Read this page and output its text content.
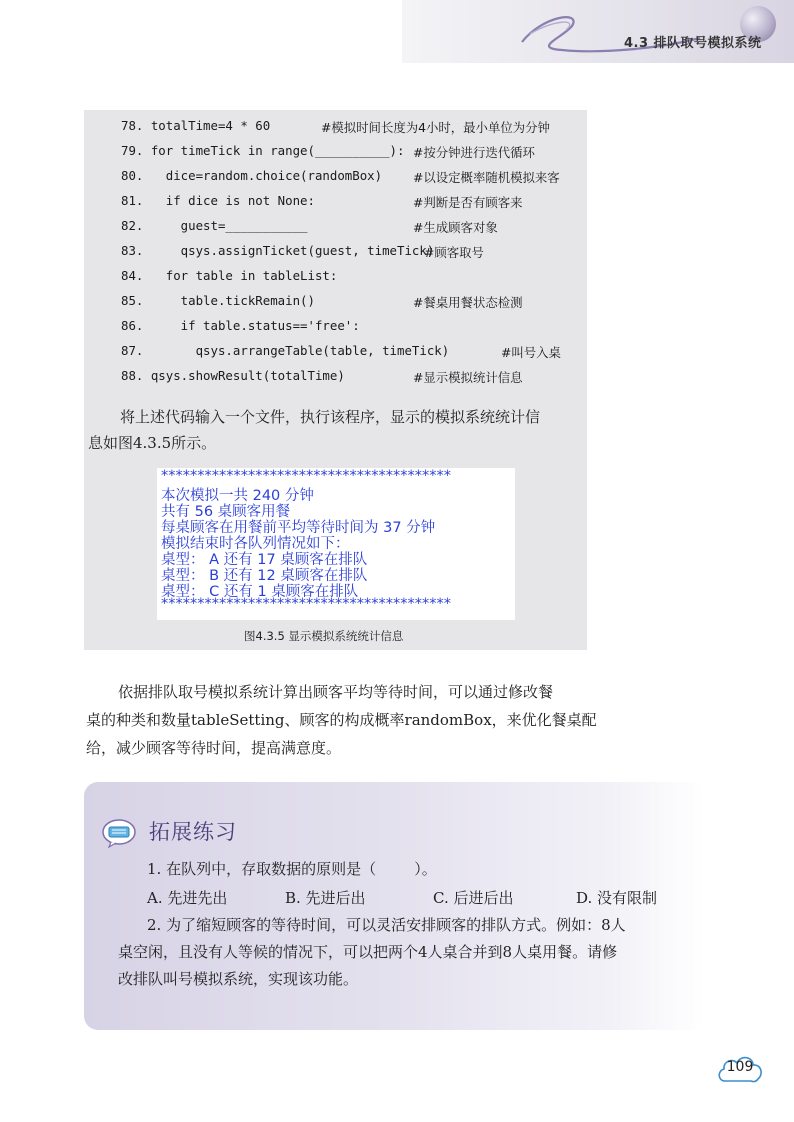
4.3 排队取号模拟系统
78. totalTime=4 * 60	#模拟时间长度为4小时，最小单位为分钟
79. for timeTick in range(__________): #按分钟进行迭代循环
80.   dice=random.choice(randomBox) #以设定概率随机模拟来客
81.   if dice is not None:	#判断是否有顾客来
82.     guest=___________	#生成顾客对象
83.     qsys.assignTicket(guest, timeTick)
#顾客取号
84.   for table in tableList:
85.     table.tickRemain()	#餐桌用餐状态检测
86.     if table.status=='free':
87.       qsys.arrangeTable(table, timeTick)	#叫号入桌
88. qsys.showResult(totalTime)	#显示模拟统计信息
将上述代码输入一个文件，执行该程序，显示的模拟系统统计信
息如图4.3.5所示。
****************************************
本次模拟一共 240 分钟
共有 56 桌顾客用餐
每桌顾客在用餐前平均等待时间为 37 分钟
模拟结束时各队列情况如下：
桌型： A 还有 17 桌顾客在排队
桌型： B 还有 12 桌顾客在排队
桌型： C 还有 1 桌顾客在排队
****************************************
图4.3.5 显示模拟系统统计信息
依据排队取号模拟系统计算出顾客平均等待时间，可以通过修改餐
桌的种类和数量tableSetting、顾客的构成概率randomBox，来优化餐桌配
给，减少顾客等待时间，提高满意度。
拓展练习
1. 在队列中，存取数据的原则是（        ）。
A. 先进先出	B. 先进后出	C. 后进后出	D. 没有限制
2. 为了缩短顾客的等待时间，可以灵活安排顾客的排队方式。例如：8人
桌空闲，且没有人等候的情况下，可以把两个4人桌合并到8人桌用餐。请修
改排队叫号模拟系统，实现该功能。
109
